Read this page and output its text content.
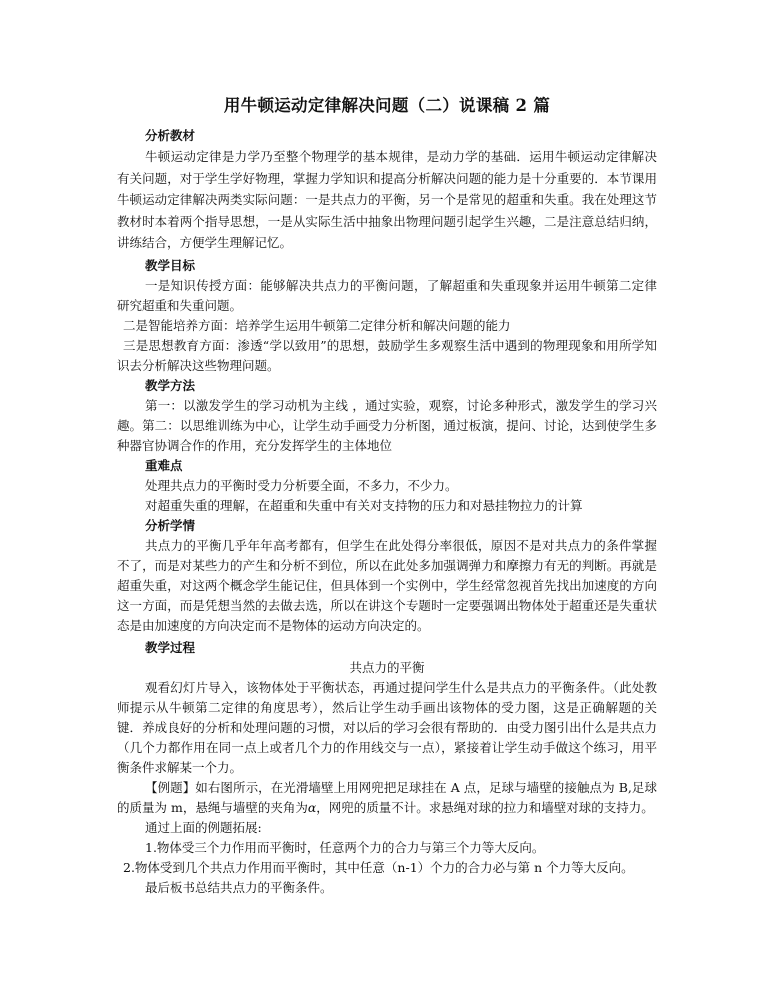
用牛顿运动定律解决问题（二）说课稿 2 篇
分析教材

牛顿运动定律是力学乃至整个物理学的基本规律，是动力学的基础．运用牛顿运动定律解决有关问题，对于学生学好物理，掌握力学知识和提高分析解决问题的能力是十分重要的．本节课用牛顿运动定律解决两类实际问题：一是共点力的平衡，另一个是常见的超重和失重。我在处理这节教材时本着两个指导思想，一是从实际生活中抽象出物理问题引起学生兴趣，二是注意总结归纳，讲练结合，方便学生理解记忆。

教学目标

一是知识传授方面：能够解决共点力的平衡问题，了解超重和失重现象并运用牛顿第二定律研究超重和失重问题。

二是智能培养方面：培养学生运用牛顿第二定律分析和解决问题的能力

三是思想教育方面：渗透“学以致用”的思想，鼓励学生多观察生活中遇到的物理现象和用所学知识去分析解决这些物理问题。

教学方法

第一：以激发学生的学习动机为主线 ，通过实验，观察，讨论多种形式，激发学生的学习兴趣。第二：以思维训练为中心，让学生动手画受力分析图，通过板演，提问、讨论，达到使学生多种器官协调合作的作用，充分发挥学生的主体地位

重难点

处理共点力的平衡时受力分析要全面，不多力，不少力。

对超重失重的理解，在超重和失重中有关对支持物的压力和对悬挂物拉力的计算

分析学情

共点力的平衡几乎年年高考都有，但学生在此处得分率很低，原因不是对共点力的条件掌握不了，而是对某些力的产生和分析不到位，所以在此处多加强调弹力和摩擦力有无的判断。再就是超重失重，对这两个概念学生能记住，但具体到一个实例中，学生经常忽视首先找出加速度的方向这一方面，而是凭想当然的去做去选，所以在讲这个专题时一定要强调出物体处于超重还是失重状态是由加速度的方向决定而不是物体的运动方向决定的。

教学过程

共点力的平衡

观看幻灯片导入，该物体处于平衡状态，再通过提问学生什么是共点力的平衡条件。（此处教师提示从牛顿第二定律的角度思考），然后让学生动手画出该物体的受力图，这是正确解题的关键．养成良好的分析和处理问题的习惯，对以后的学习会很有帮助的．由受力图引出什么是共点力（几个力都作用在同一点上或者几个力的作用线交与一点），紧接着让学生动手做这个练习，用平衡条件求解某一个力。

【例题】如右图所示，在光滑墙壁上用网兜把足球挂在 A 点，足球与墙壁的接触点为 B,足球的质量为 m，悬绳与墙壁的夹角为α，网兜的质量不计。求悬绳对球的拉力和墙壁对球的支持力。

通过上面的例题拓展:

1.物体受三个力作用而平衡时，任意两个力的合力与第三个力等大反向。

2.物体受到几个共点力作用而平衡时，其中任意（n-1）个力的合力必与第 n 个力等大反向。

最后板书总结共点力的平衡条件。
